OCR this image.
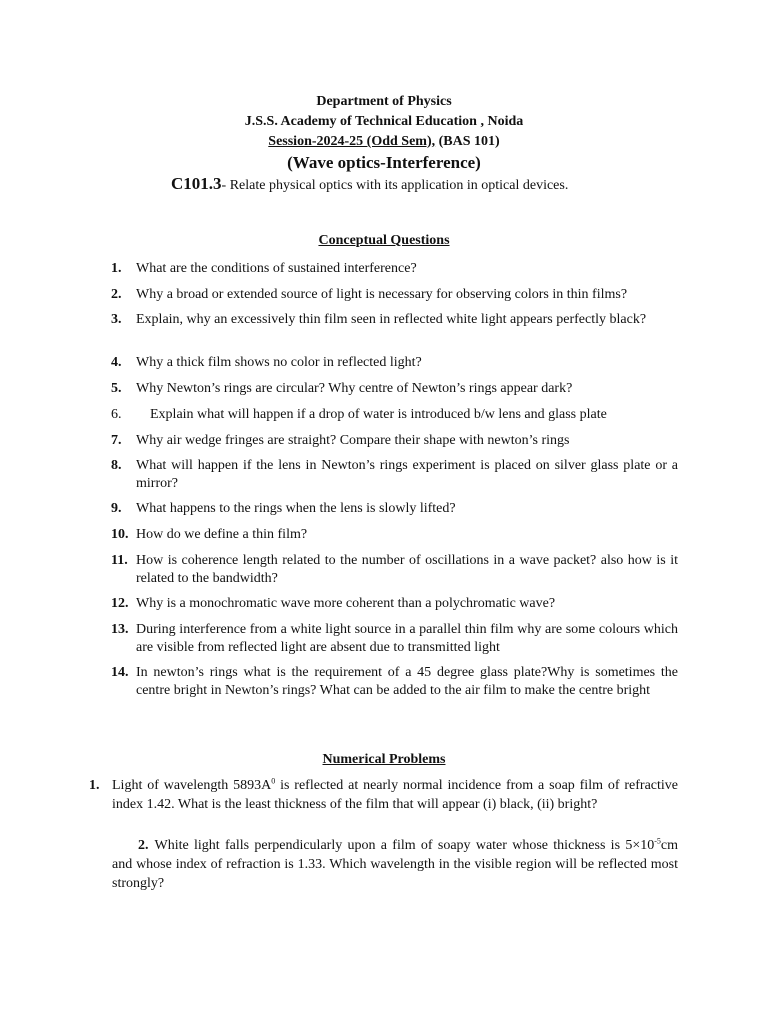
Department of Physics
J.S.S. Academy of Technical Education , Noida
Session-2024-25 (Odd Sem), (BAS 101)
(Wave optics-Interference)
C101.3- Relate physical optics with its application in optical devices.
Conceptual Questions
1. What are the conditions of sustained interference?
2. Why a broad or extended source of light is necessary for observing colors in thin films?
3. Explain, why an excessively thin film seen in reflected white light appears perfectly black?
4. Why a thick film shows no color in reflected light?
5. Why Newton’s rings are circular? Why centre of Newton’s rings appear dark?
6. Explain what will happen if a drop of water is introduced b/w lens and glass plate
7. Why air wedge fringes are straight? Compare their shape with newton’s rings
8. What will happen if the lens in Newton’s rings experiment is placed on silver glass plate or a mirror?
9. What happens to the rings when the lens is slowly lifted?
10. How do we define a thin film?
11. How is coherence length related to the number of oscillations in a wave packet? also how is it related to the bandwidth?
12. Why is a monochromatic wave more coherent than a polychromatic wave?
13. During interference from a white light source in a parallel thin film why are some colours which are visible from reflected light are absent due to transmitted light
14. In newton’s rings what is the requirement of a 45 degree glass plate?Why is sometimes the centre bright in Newton’s rings? What can be added to the air film to make the centre bright
Numerical Problems
1. Light of wavelength $5893A^0$ is reflected at nearly normal incidence from a soap film of refractive index 1.42. What is the least thickness of the film that will appear (i) black, (ii) bright?
2. White light falls perpendicularly upon a film of soapy water whose thickness is $5\times 10^{-5}cm$ and whose index of refraction is 1.33. Which wavelength in the visible region will be reflected most strongly?
